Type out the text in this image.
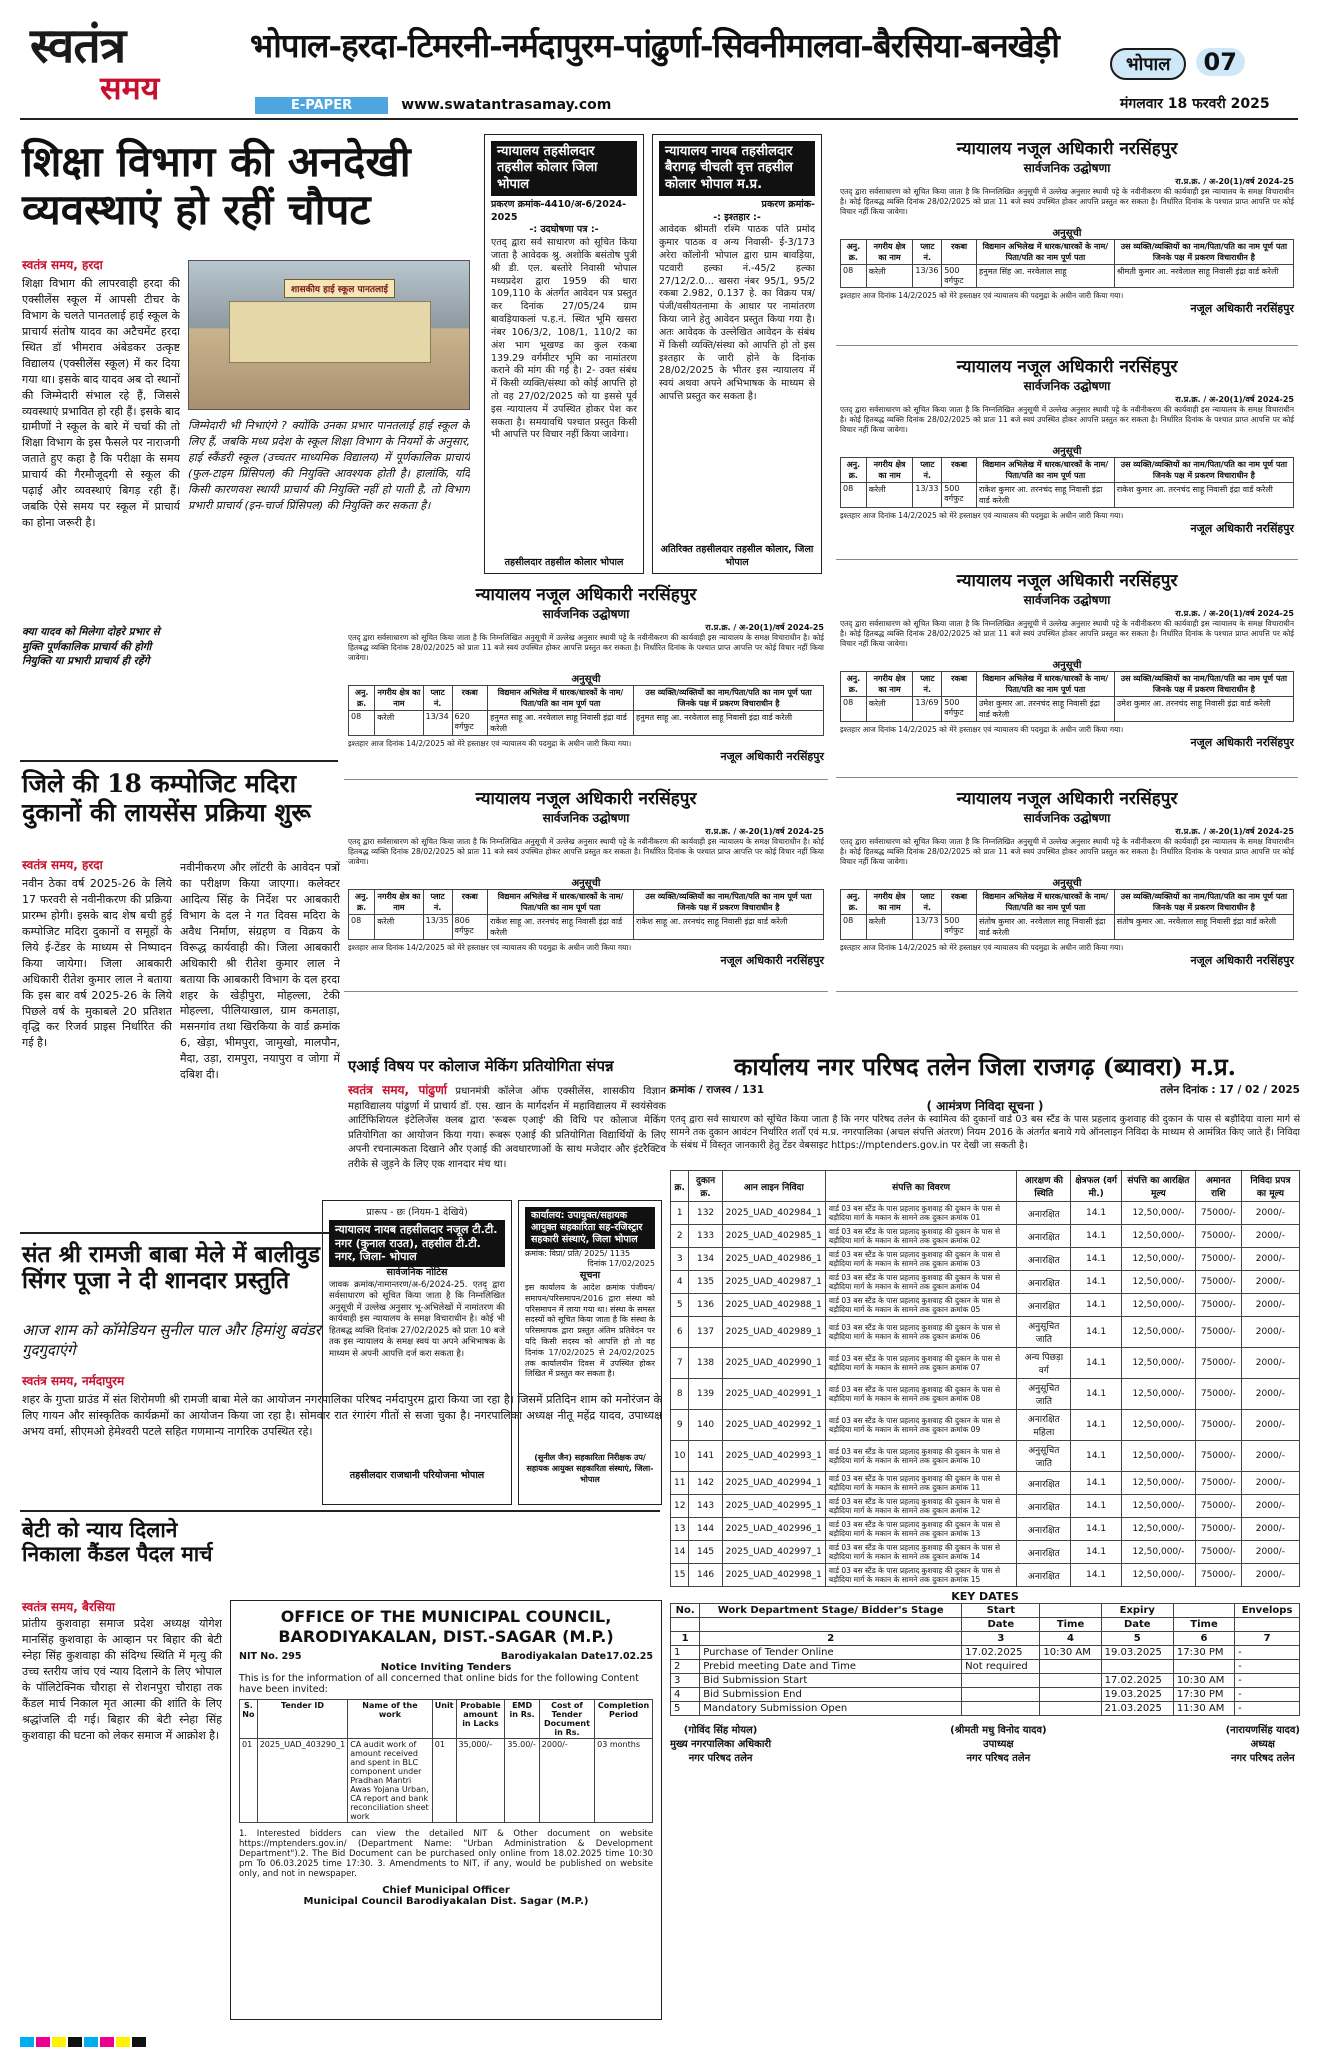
स्वतंत्र
समय
भोपाल-हरदा-टिमरनी-नर्मदापुरम-पांढुर्णा-सिवनीमालवा-बैरसिया-बनखेड़ी
E-PAPER	www.swatantrasamay.com
भोपाल 07
मंगलवार 18 फरवरी 2025
शिक्षा विभाग की अनदेखी व्यवस्थाएं हो रहीं चौपट
स्वतंत्र समय, हरदा
शिक्षा विभाग की लापरवाही हरदा की एक्सीलेंस स्कूल में आपसी टीचर के विभाग के चलते पानतलाई हाई स्कूल के प्राचार्य संतोष यादव का अटैचमेंट हरदा स्थित डॉ भीमराव अंबेडकर उत्कृष्ट विद्यालय (एक्सीलेंस स्कूल) में कर दिया गया था। इसके बाद यादव अब दो स्थानों की जिम्मेदारी संभाल रहे हैं, जिससे व्यवस्थाएं प्रभावित हो रही हैं। इसके बाद ग्रामीणों ने स्कूल के बारे में चर्चा की तो शिक्षा विभाग के इस फैसले पर नाराजगी जताते हुए कहा है कि परीक्षा के समय प्राचार्य की गैरमौजूदगी से स्कूल की पढ़ाई और व्यवस्थाएं बिगड़ रही हैं। जबकि ऐसे समय पर स्कूल में प्राचार्य का होना जरूरी है।
शासकीय हाई स्कूल पानतलाई
जिम्मेदारी भी निभाएंगे ? क्योंकि उनका प्रभार पानतलाई हाई स्कूल के लिए हैं, जबकि मध्य प्रदेश के स्कूल शिक्षा विभाग के नियमों के अनुसार, हाई स्कैंडरी स्कूल (उच्चतर माध्यमिक विद्यालय) में पूर्णकालिक प्राचार्य (फुल-टाइम प्रिंसिपल) की नियुक्ति आवश्यक होती है। हालांकि, यदि किसी कारणवश स्थायी प्राचार्य की नियुक्ति नहीं हो पाती है, तो विभाग प्रभारी प्राचार्य (इन-चार्ज प्रिंसिपल) की नियुक्ति कर सकता है।
क्या यादव को मिलेगा दोहरे प्रभार से मुक्ति पूर्णकालिक प्राचार्य की होगी नियुक्ति या प्रभारी प्राचार्य ही रहेंगे
जिले की 18 कम्पोजिट मदिरा दुकानों की लायसेंस प्रक्रिया शुरू
स्वतंत्र समय, हरदा
नवीन ठेका वर्ष 2025-26 के लिये 17 फरवरी से नवीनीकरण की प्रक्रिया प्रारम्भ होगी। इसके बाद शेष बची हुई कम्पोजिट मदिरा दुकानों व समूहों के लिये ई-टेंडर के माध्यम से निष्पादन किया जायेगा। जिला आबकारी अधिकारी रीतेश कुमार लाल ने बताया कि इस बार वर्ष 2025-26 के लिये पिछले वर्ष के मुकाबले 20 प्रतिशत वृद्धि कर रिजर्व प्राइस निर्धारित की गई है।
नवीनीकरण और लॉटरी के आवेदन पत्रों का परीक्षण किया जाएगा। कलेक्टर आदित्य सिंह के निर्देश पर आबकारी विभाग के दल ने गत दिवस मदिरा के अवैध निर्माण, संग्रहण व विक्रय के विरूद्ध कार्यवाही की। जिला आबकारी अधिकारी श्री रीतेश कुमार लाल ने बताया कि आबकारी विभाग के दल हरदा शहर के खेड़ीपुरा, मोहल्ला, टेकी मोहल्ला, पीलियाखाल, ग्राम कमताड़ा, मसनगांव तथा खिरकिया के वार्ड क्रमांक 6, खेड़ा, भीमपुरा, जामुखो, मालपौन, मैदा, उड़ा, रामपुरा, नयापुरा व जोगा में दबिश दी।
संत श्री रामजी बाबा मेले में बालीवुड सिंगर पूजा ने दी शानदार प्रस्तुति
आज शाम को कॉमेडियन सुनील पाल और हिमांशु बवंडर गुदगुदाएंगे
स्वतंत्र समय, नर्मदापुरम
शहर के गुप्ता ग्राउंड में संत शिरोमणी श्री रामजी बाबा मेले का आयोजन नगरपालिका परिषद नर्मदापुरम द्वारा किया जा रहा है। जिसमें प्रतिदिन शाम को मनोरंजन के लिए गायन और सांस्कृतिक कार्यक्रमों का आयोजन किया जा रहा है। सोमवार रात रंगारंग गीतों से सजा चुका है। नगरपालिका अध्यक्ष नीतू महेंद्र यादव, उपाध्यक्ष अभय वर्मा, सीएमओ हेमेश्वरी पटले सहित गणमान्य नागरिक उपस्थित रहे।
बेटी को न्याय दिलाने निकाला कैंडल पैदल मार्च
स्वतंत्र समय, बैरसिया
प्रांतीय कुशवाहा समाज प्रदेश अध्यक्ष योगेश मानसिंह कुशवाहा के आव्हान पर बिहार की बेटी स्नेहा सिंह कुशवाहा की संदिग्ध स्थिति में मृत्यु की उच्च स्तरीय जांच एवं न्याय दिलाने के लिए भोपाल के पॉलिटेक्निक चौराहा से रोशनपुरा चौराहा तक कैंडल मार्च निकाल मृत आत्मा की शांति के लिए श्रद्धांजलि दी गई। बिहार की बेटी स्नेहा सिंह कुशवाहा की घटना को लेकर समाज में आक्रोश है।
न्यायालय तहसीलदार तहसील कोलार जिला भोपाल
प्रकरण क्रमांक-4410/अ-6/2024-2025
-: उदघोषणा पत्र :-
एतद् द्वारा सर्व साधारण को सूचित किया जाता है आवेदक श्रु. अशोकि बसंतोष पुत्री श्री डी. एल. बस्तोरे निवासी भोपाल मध्यप्रदेश द्वारा 1959 की धारा 109,110 के अंतर्गत आवेदन पत्र प्रस्तुत कर दिनांक 27/05/24 ग्राम बावड़ियाकलां प.ह.नं. स्थित भूमि खसरा नंबर 106/3/2, 108/1, 110/2 का अंश भाग भूखण्ड का कुल रकबा 139.29 वर्गमीटर भूमि का नामांतरण कराने की मांग की गई है। 2- उक्त संबंध में किसी व्यक्ति/संस्था को कोई आपत्ति हो तो वह 27/02/2025 को या इससे पूर्व इस न्यायालय में उपस्थित होकर पेश कर सकता है। समयावधि पश्चात प्रस्तुत किसी भी आपत्ति पर विचार नहीं किया जावेगा।
तहसीलदार तहसील कोलार भोपाल
न्यायालय नायब तहसीलदार बैरागढ़ चीचली वृत्त तहसील कोलार भोपाल म.प्र.
प्रकरण क्रमांक-
-: इश्तहार :-
आवेदक श्रीमती रश्मि पाठक पति प्रमोद कुमार पाठक व अन्य निवासी- ई-3/173 अरेरा कॉलोनी भोपाल द्वारा ग्राम बावड़िया, पटवारी हल्का नं.-45/2 हल्का 27/12/2.0... खसरा नंबर 95/1, 95/2 रकबा 2.982, 0.137 हे. का विक्रय पत्र/पंजी/वसीयतनामा के आधार पर नामांतरण किया जाने हेतु आवेदन प्रस्तुत किया गया है। अतः आवेदक के उल्लेखित आवेदन के संबंध में किसी व्यक्ति/संस्था को आपत्ति हो तो इस इश्तहार के जारी होने के दिनांक 28/02/2025 के भीतर इस न्यायालय में स्वयं अथवा अपने अभिभाषक के माध्यम से आपत्ति प्रस्तुत कर सकता है।
अतिरिक्त तहसीलदार तहसील कोलार, जिला भोपाल
न्यायालय नजूल अधिकारी नरसिंहपुर
सार्वजनिक उद्घोषणा
रा.प्र.क्र. / अ-20(1)/वर्ष 2024-25
एतद् द्वारा सर्वसाधारण को सूचित किया जाता है कि निम्नलिखित अनुसूची में उल्लेख अनुसार स्थायी पट्टे के नवीनीकरण की कार्यवाही इस न्यायालय के समक्ष विचाराधीन है। कोई हितबद्ध व्यक्ति दिनांक 28/02/2025 को प्रातः 11 बजे स्वयं उपस्थित होकर आपत्ति प्रस्तुत कर सकता है। निर्धारित दिनांक के पश्चात प्राप्त आपत्ति पर कोई विचार नहीं किया जावेगा।
अनुसूची
अनु. क्र.	नगरीय क्षेत्र का नाम	प्लाट नं.	रकबा	विद्यमान अभिलेख में धारक/धारकों के नाम/पिता/पति का नाम पूर्ण पता	उस व्यक्ति/व्यक्तियों का नाम/पिता/पति का नाम पूर्ण पता जिनके पक्ष में प्रकरण विचाराधीन है
08	करेली	13/36	500 वर्गफुट	हनुमत सिंह आ. नरवेलाल साहू	श्रीमती कुमार आ. नरवेलाल साहू निवासी इंद्रा वार्ड करेली
इश्तहार आज दिनांक 14/2/2025 को मेरे हस्ताक्षर एवं न्यायालय की पदमुद्रा के अधीन जारी किया गया।
नजूल अधिकारी नरसिंहपुर
न्यायालय नजूल अधिकारी नरसिंहपुर
सार्वजनिक उद्घोषणा
रा.प्र.क्र. / अ-20(1)/वर्ष 2024-25
एतद् द्वारा सर्वसाधारण को सूचित किया जाता है कि निम्नलिखित अनुसूची में उल्लेख अनुसार स्थायी पट्टे के नवीनीकरण की कार्यवाही इस न्यायालय के समक्ष विचाराधीन है। कोई हितबद्ध व्यक्ति दिनांक 28/02/2025 को प्रातः 11 बजे स्वयं उपस्थित होकर आपत्ति प्रस्तुत कर सकता है। निर्धारित दिनांक के पश्चात प्राप्त आपत्ति पर कोई विचार नहीं किया जावेगा।
अनुसूची
अनु. क्र.	नगरीय क्षेत्र का नाम	प्लाट नं.	रकबा	विद्यमान अभिलेख में धारक/धारकों के नाम/पिता/पति का नाम पूर्ण पता	उस व्यक्ति/व्यक्तियों का नाम/पिता/पति का नाम पूर्ण पता जिनके पक्ष में प्रकरण विचाराधीन है
08	करेली	13/33	500 वर्गफुट	राकेश कुमार आ. तरनचंद साहू निवासी इंद्रा वार्ड करेली	राकेश कुमार आ. तरनचंद साहू निवासी इंद्रा वार्ड करेली
इश्तहार आज दिनांक 14/2/2025 को मेरे हस्ताक्षर एवं न्यायालय की पदमुद्रा के अधीन जारी किया गया।
नजूल अधिकारी नरसिंहपुर
न्यायालय नजूल अधिकारी नरसिंहपुर
सार्वजनिक उद्घोषणा
रा.प्र.क्र. / अ-20(1)/वर्ष 2024-25
एतद् द्वारा सर्वसाधारण को सूचित किया जाता है कि निम्नलिखित अनुसूची में उल्लेख अनुसार स्थायी पट्टे के नवीनीकरण की कार्यवाही इस न्यायालय के समक्ष विचाराधीन है। कोई हितबद्ध व्यक्ति दिनांक 28/02/2025 को प्रातः 11 बजे स्वयं उपस्थित होकर आपत्ति प्रस्तुत कर सकता है। निर्धारित दिनांक के पश्चात प्राप्त आपत्ति पर कोई विचार नहीं किया जावेगा।
अनुसूची
अनु. क्र.	नगरीय क्षेत्र का नाम	प्लाट नं.	रकबा	विद्यमान अभिलेख में धारक/धारकों के नाम/पिता/पति का नाम पूर्ण पता	उस व्यक्ति/व्यक्तियों का नाम/पिता/पति का नाम पूर्ण पता जिनके पक्ष में प्रकरण विचाराधीन है
08	करेली	13/69	500 वर्गफुट	उमेश कुमार आ. तरनचंद साहू निवासी इंद्रा वार्ड करेली	उमेश कुमार आ. तरनचंद साहू निवासी इंद्रा वार्ड करेली
इश्तहार आज दिनांक 14/2/2025 को मेरे हस्ताक्षर एवं न्यायालय की पदमुद्रा के अधीन जारी किया गया।
नजूल अधिकारी नरसिंहपुर
न्यायालय नजूल अधिकारी नरसिंहपुर
सार्वजनिक उद्घोषणा
रा.प्र.क्र. / अ-20(1)/वर्ष 2024-25
एतद् द्वारा सर्वसाधारण को सूचित किया जाता है कि निम्नलिखित अनुसूची में उल्लेख अनुसार स्थायी पट्टे के नवीनीकरण की कार्यवाही इस न्यायालय के समक्ष विचाराधीन है। कोई हितबद्ध व्यक्ति दिनांक 28/02/2025 को प्रातः 11 बजे स्वयं उपस्थित होकर आपत्ति प्रस्तुत कर सकता है। निर्धारित दिनांक के पश्चात प्राप्त आपत्ति पर कोई विचार नहीं किया जावेगा।
अनुसूची
अनु. क्र.	नगरीय क्षेत्र का नाम	प्लाट नं.	रकबा	विद्यमान अभिलेख में धारक/धारकों के नाम/पिता/पति का नाम पूर्ण पता	उस व्यक्ति/व्यक्तियों का नाम/पिता/पति का नाम पूर्ण पता जिनके पक्ष में प्रकरण विचाराधीन है
08	करेली	13/73	500 वर्गफुट	संतोष कुमार आ. नरवेलाल साहू निवासी इंद्रा वार्ड करेली	संतोष कुमार आ. नरवेलाल साहू निवासी इंद्रा वार्ड करेली
इश्तहार आज दिनांक 14/2/2025 को मेरे हस्ताक्षर एवं न्यायालय की पदमुद्रा के अधीन जारी किया गया।
नजूल अधिकारी नरसिंहपुर
न्यायालय नजूल अधिकारी नरसिंहपुर
सार्वजनिक उद्घोषणा
रा.प्र.क्र. / अ-20(1)/वर्ष 2024-25
एतद् द्वारा सर्वसाधारण को सूचित किया जाता है कि निम्नलिखित अनुसूची में उल्लेख अनुसार स्थायी पट्टे के नवीनीकरण की कार्यवाही इस न्यायालय के समक्ष विचाराधीन है। कोई हितबद्ध व्यक्ति दिनांक 28/02/2025 को प्रातः 11 बजे स्वयं उपस्थित होकर आपत्ति प्रस्तुत कर सकता है। निर्धारित दिनांक के पश्चात प्राप्त आपत्ति पर कोई विचार नहीं किया जावेगा।
अनुसूची
अनु. क्र.	नगरीय क्षेत्र का नाम	प्लाट नं.	रकबा	विद्यमान अभिलेख में धारक/धारकों के नाम/पिता/पति का नाम पूर्ण पता	उस व्यक्ति/व्यक्तियों का नाम/पिता/पति का नाम पूर्ण पता जिनके पक्ष में प्रकरण विचाराधीन है
08	करेली	13/34	620 वर्गफुट	हनुमत साहू आ. नरवेलाल साहू निवासी इंद्रा वार्ड करेली	हनुमत साहू आ. नरवेलाल साहू निवासी इंद्रा वार्ड करेली
इश्तहार आज दिनांक 14/2/2025 को मेरे हस्ताक्षर एवं न्यायालय की पदमुद्रा के अधीन जारी किया गया।
नजूल अधिकारी नरसिंहपुर
न्यायालय नजूल अधिकारी नरसिंहपुर
सार्वजनिक उद्घोषणा
रा.प्र.क्र. / अ-20(1)/वर्ष 2024-25
एतद् द्वारा सर्वसाधारण को सूचित किया जाता है कि निम्नलिखित अनुसूची में उल्लेख अनुसार स्थायी पट्टे के नवीनीकरण की कार्यवाही इस न्यायालय के समक्ष विचाराधीन है। कोई हितबद्ध व्यक्ति दिनांक 28/02/2025 को प्रातः 11 बजे स्वयं उपस्थित होकर आपत्ति प्रस्तुत कर सकता है। निर्धारित दिनांक के पश्चात प्राप्त आपत्ति पर कोई विचार नहीं किया जावेगा।
अनुसूची
अनु. क्र.	नगरीय क्षेत्र का नाम	प्लाट नं.	रकबा	विद्यमान अभिलेख में धारक/धारकों के नाम/पिता/पति का नाम पूर्ण पता	उस व्यक्ति/व्यक्तियों का नाम/पिता/पति का नाम पूर्ण पता जिनके पक्ष में प्रकरण विचाराधीन है
08	करेली	13/35	806 वर्गफुट	राकेश साहू आ. तरनचंद साहू निवासी इंद्रा वार्ड करेली	राकेश साहू आ. तरनचंद साहू निवासी इंद्रा वार्ड करेली
इश्तहार आज दिनांक 14/2/2025 को मेरे हस्ताक्षर एवं न्यायालय की पदमुद्रा के अधीन जारी किया गया।
नजूल अधिकारी नरसिंहपुर
एआई विषय पर कोलाज मेकिंग प्रतियोगिता संपन्न
स्वतंत्र समय, पांढुर्णा प्रधानमंत्री कॉलेज ऑफ एक्सीलेंस, शासकीय विज्ञान महाविद्यालय पांढुर्णा में प्राचार्य डॉ. एस. खान के मार्गदर्शन में महाविद्यालय में स्वयंसेवक आर्टिफिशियल इंटेलिजेंस क्लब द्वारा 'रूबरू एआई' की विधि पर कोलाज मेकिंग प्रतियोगिता का आयोजन किया गया। रूबरू एआई की प्रतियोगिता विद्यार्थियों के लिए अपनी रचनात्मकता दिखाने और एआई की अवधारणाओं के साथ मजेदार और इंटरैक्टिव तरीके से जुड़ने के लिए एक शानदार मंच था।
प्रारूप - छः (नियम-1 देखिये)
न्यायालय नायब तहसीलदार नजूल टी.टी. नगर (कुनाल राउत), तहसील टी.टी. नगर, जिला- भोपाल
सार्वजनिक नोटिस
जावक क्रमांक/नामान्तरण/अ-6/2024-25. एतद् द्वारा सर्वसाधारण को सूचित किया जाता है कि निम्नलिखित अनुसूची में उल्लेख अनुसार भू-अभिलेखों में नामांतरण की कार्यवाही इस न्यायालय के समक्ष विचाराधीन है। कोई भी हितबद्ध व्यक्ति दिनांक 27/02/2025 को प्रातः 10 बजे तक इस न्यायालय के समक्ष स्वयं या अपने अभिभाषक के माध्यम से अपनी आपत्ति दर्ज करा सकता है।
तहसीलदार राजधानी परियोजना भोपाल
कार्यालय: उपायुक्त/सहायक आयुक्त सहकारिता सह-रजिस्ट्रार सहकारी संस्थाएं, जिला भोपाल
क्रमांक: विप्रा/ प्रति/ 2025/ 1135
दिनांक 17/02/2025
सूचना
इस कार्यालय के आदेश क्रमांक पंजीयन/समापन/परिसमापन/2016 द्वारा संस्था को परिसमापन में लाया गया था। संस्था के समस्त सदस्यों को सूचित किया जाता है कि संस्था के परिसमापक द्वारा प्रस्तुत अंतिम प्रतिवेदन पर यदि किसी सदस्य को आपत्ति हो तो वह दिनांक 17/02/2025 से 24/02/2025 तक कार्यालयीन दिवस में उपस्थित होकर लिखित में प्रस्तुत कर सकता है।
(सुनील जैन) सहकारिता निरीक्षक उप/सहायक आयुक्त सहकारिता संस्थाएं, जिला-भोपाल
OFFICE OF THE MUNICIPAL COUNCIL, BARODIYAKALAN, DIST.-SAGAR (M.P.)
NIT No. 295	Barodiyakalan Date17.02.25
Notice Inviting Tenders
This is for the information of all concerned that online bids for the following Content have been invited:
S. No	Tender ID	Name of the work	Unit	Probable amount in Lacks	EMD in Rs.	Cost of Tender Document in Rs.	Completion Period
01	2025_UAD_403290_1	CA audit work of amount received and spent in BLC component under Pradhan Mantri Awas Yojana Urban, CA report and bank reconciliation sheet work	01	35,000/-	35.00/-	2000/-	03 months
1. Interested bidders can view the detailed NIT & Other document on website https://mptenders.gov.in/ (Department Name: "Urban Administration & Development Department").2. The Bid Document can be purchased only online from 18.02.2025 time 10:30 pm To 06.03.2025 time 17:30. 3. Amendments to NIT, if any, would be published on website only, and not in newspaper.
Chief Municipal Officer
Municipal Council Barodiyakalan Dist. Sagar (M.P.)
कार्यालय नगर परिषद तलेन जिला राजगढ़ (ब्यावरा) म.प्र.
क्रमांक / राजस्व / 131	तलेन दिनांक : 17 / 02 / 2025
( आमंत्रण निविदा सूचना )
एतद् द्वारा सर्व साधारण को सूचित किया जाता है कि नगर परिषद तलेन के स्वामित्व की दुकानों वार्ड 03 बस स्टैंड के पास प्रहलाद कुशवाह की दुकान के पास से बड़ौदिया वाला मार्ग से सामने तक दुकान आवंटन निर्धारित शर्तों एवं म.प्र. नगरपालिका (अचल संपत्ति अंतरण) नियम 2016 के अंतर्गत बनाये गये ऑनलाइन निविदा के माध्यम से आमंत्रित किए जाते हैं। निविदा के संबंध में विस्तृत जानकारी हेतु टेंडर वेबसाइट https://mptenders.gov.in पर देखी जा सकती है।
क्र.	दुकान क्र.	आन लाइन निविदा	संपत्ति का विवरण	आरक्षण की स्थिति	क्षेत्रफल (वर्ग मी.)	संपत्ति का आरक्षित मूल्य	अमानत राशि	निविदा प्रपत्र का मूल्य
1	132	2025_UAD_402984_1	वार्ड 03 बस स्टैंड के पास प्रहलाद कुशवाह की दुकान के पास से बड़ौदिया मार्ग के मकान के सामने तक दुकान क्रमांक 01	अनारक्षित	14.1	12,50,000/-	75000/-	2000/-
2	133	2025_UAD_402985_1	वार्ड 03 बस स्टैंड के पास प्रहलाद कुशवाह की दुकान के पास से बड़ौदिया मार्ग के मकान के सामने तक दुकान क्रमांक 02	अनारक्षित	14.1	12,50,000/-	75000/-	2000/-
3	134	2025_UAD_402986_1	वार्ड 03 बस स्टैंड के पास प्रहलाद कुशवाह की दुकान के पास से बड़ौदिया मार्ग के मकान के सामने तक दुकान क्रमांक 03	अनारक्षित	14.1	12,50,000/-	75000/-	2000/-
4	135	2025_UAD_402987_1	वार्ड 03 बस स्टैंड के पास प्रहलाद कुशवाह की दुकान के पास से बड़ौदिया मार्ग के मकान के सामने तक दुकान क्रमांक 04	अनारक्षित	14.1	12,50,000/-	75000/-	2000/-
5	136	2025_UAD_402988_1	वार्ड 03 बस स्टैंड के पास प्रहलाद कुशवाह की दुकान के पास से बड़ौदिया मार्ग के मकान के सामने तक दुकान क्रमांक 05	अनारक्षित	14.1	12,50,000/-	75000/-	2000/-
6	137	2025_UAD_402989_1	वार्ड 03 बस स्टैंड के पास प्रहलाद कुशवाह की दुकान के पास से बड़ौदिया मार्ग के मकान के सामने तक दुकान क्रमांक 06	अनुसूचित जाति	14.1	12,50,000/-	75000/-	2000/-
7	138	2025_UAD_402990_1	वार्ड 03 बस स्टैंड के पास प्रहलाद कुशवाह की दुकान के पास से बड़ौदिया मार्ग के मकान के सामने तक दुकान क्रमांक 07	अन्य पिछड़ा वर्ग	14.1	12,50,000/-	75000/-	2000/-
8	139	2025_UAD_402991_1	वार्ड 03 बस स्टैंड के पास प्रहलाद कुशवाह की दुकान के पास से बड़ौदिया मार्ग के मकान के सामने तक दुकान क्रमांक 08	अनुसूचित जाति	14.1	12,50,000/-	75000/-	2000/-
9	140	2025_UAD_402992_1	वार्ड 03 बस स्टैंड के पास प्रहलाद कुशवाह की दुकान के पास से बड़ौदिया मार्ग के मकान के सामने तक दुकान क्रमांक 09	अनारक्षित महिला	14.1	12,50,000/-	75000/-	2000/-
10	141	2025_UAD_402993_1	वार्ड 03 बस स्टैंड के पास प्रहलाद कुशवाह की दुकान के पास से बड़ौदिया मार्ग के मकान के सामने तक दुकान क्रमांक 10	अनुसूचित जाति	14.1	12,50,000/-	75000/-	2000/-
11	142	2025_UAD_402994_1	वार्ड 03 बस स्टैंड के पास प्रहलाद कुशवाह की दुकान के पास से बड़ौदिया मार्ग के मकान के सामने तक दुकान क्रमांक 11	अनारक्षित	14.1	12,50,000/-	75000/-	2000/-
12	143	2025_UAD_402995_1	वार्ड 03 बस स्टैंड के पास प्रहलाद कुशवाह की दुकान के पास से बड़ौदिया मार्ग के मकान के सामने तक दुकान क्रमांक 12	अनारक्षित	14.1	12,50,000/-	75000/-	2000/-
13	144	2025_UAD_402996_1	वार्ड 03 बस स्टैंड के पास प्रहलाद कुशवाह की दुकान के पास से बड़ौदिया मार्ग के मकान के सामने तक दुकान क्रमांक 13	अनारक्षित	14.1	12,50,000/-	75000/-	2000/-
14	145	2025_UAD_402997_1	वार्ड 03 बस स्टैंड के पास प्रहलाद कुशवाह की दुकान के पास से बड़ौदिया मार्ग के मकान के सामने तक दुकान क्रमांक 14	अनारक्षित	14.1	12,50,000/-	75000/-	2000/-
15	146	2025_UAD_402998_1	वार्ड 03 बस स्टैंड के पास प्रहलाद कुशवाह की दुकान के पास से बड़ौदिया मार्ग के मकान के सामने तक दुकान क्रमांक 15	अनारक्षित	14.1	12,50,000/-	75000/-	2000/-
KEY DATES
No.	Work Department Stage/ Bidder's Stage	Start		Expiry		Envelops
		Date	Time	Date	Time	
1	2	3	4	5	6	7
1	Purchase of Tender Online	17.02.2025	10:30 AM	19.03.2025	17:30 PM	-
2	Prebid meeting Date and Time	Not required				-
3	Bid Submission Start			17.02.2025	10:30 AM	-
4	Bid Submission End			19.03.2025	17:30 PM	-
5	Mandatory Submission Open			21.03.2025	11:30 AM	-
(गोविंद सिंह मोयल)
मुख्य नगरपालिका अधिकारी
नगर परिषद तलेन
(श्रीमती मधु विनोद यादव)
उपाध्यक्ष
नगर परिषद तलेन
(नारायणसिंह यादव)
अध्यक्ष
नगर परिषद तलेन
